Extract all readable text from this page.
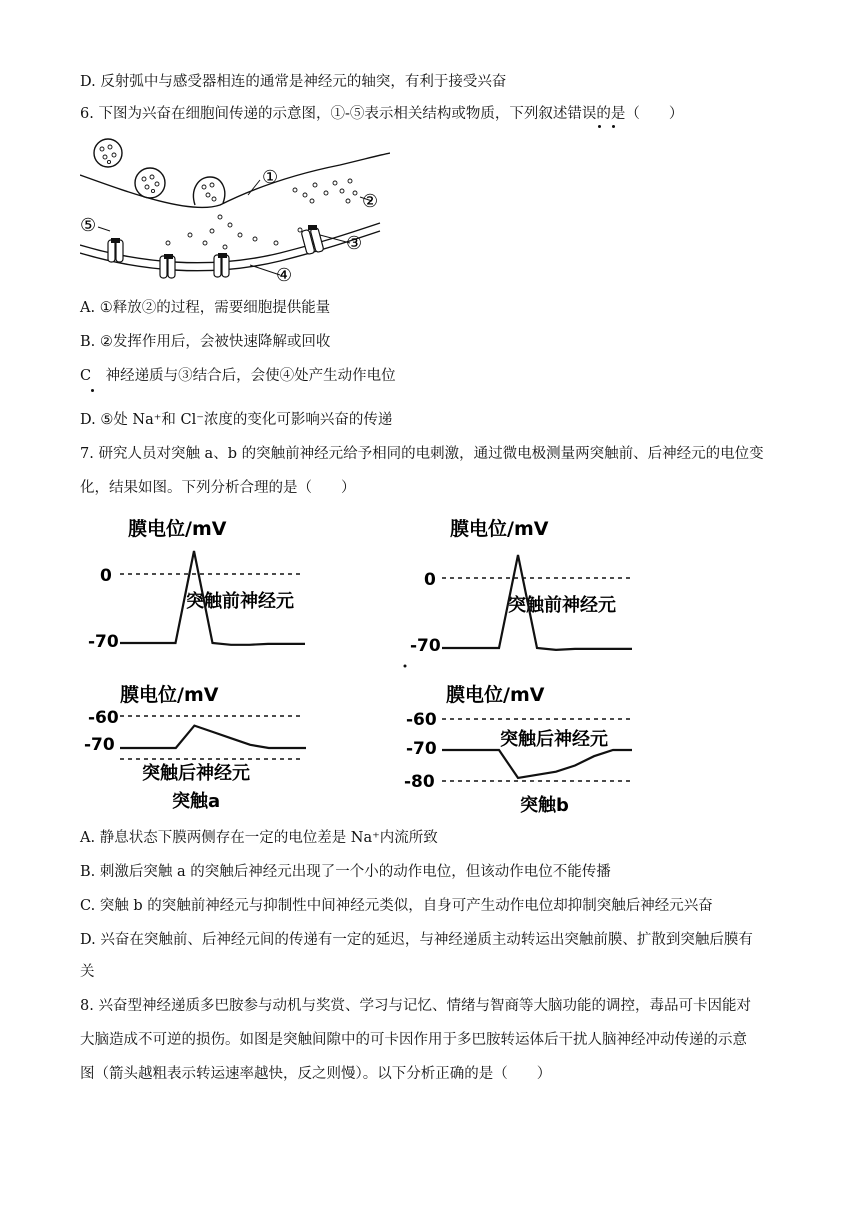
D. 反射弧中与感受器相连的通常是神经元的轴突，有利于接受兴奋
6. 下图为兴奋在细胞间传递的示意图，①-⑤表示相关结构或物质，下列叙述错误的是（　　）
①
②
③
④
⑤
A. ①释放②的过程，需要细胞提供能量
B. ②发挥作用后，会被快速降解或回收
C　神经递质与③结合后，会使④处产生动作电位
D. ⑤处 Na⁺和 Cl⁻浓度的变化可影响兴奋的传递
7. 研究人员对突触 a、b 的突触前神经元给予相同的电刺激，通过微电极测量两突触前、后神经元的电位变
化，结果如图。下列分析合理的是（　　）
膜电位/mV
0
-70
突触前神经元
膜电位/mV
0
-70
突触前神经元
膜电位/mV
-60
-70
突触后神经元
突触a
膜电位/mV
-60
-70
-80
突触后神经元
突触b
A. 静息状态下膜两侧存在一定的电位差是 Na⁺内流所致
B. 刺激后突触 a 的突触后神经元出现了一个小的动作电位，但该动作电位不能传播
C. 突触 b 的突触前神经元与抑制性中间神经元类似，自身可产生动作电位却抑制突触后神经元兴奋
D. 兴奋在突触前、后神经元间的传递有一定的延迟，与神经递质主动转运出突触前膜、扩散到突触后膜有
关
8. 兴奋型神经递质多巴胺参与动机与奖赏、学习与记忆、情绪与智商等大脑功能的调控，毒品可卡因能对
大脑造成不可逆的损伤。如图是突触间隙中的可卡因作用于多巴胺转运体后干扰人脑神经冲动传递的示意
图（箭头越粗表示转运速率越快，反之则慢）。以下分析正确的是（　　）
